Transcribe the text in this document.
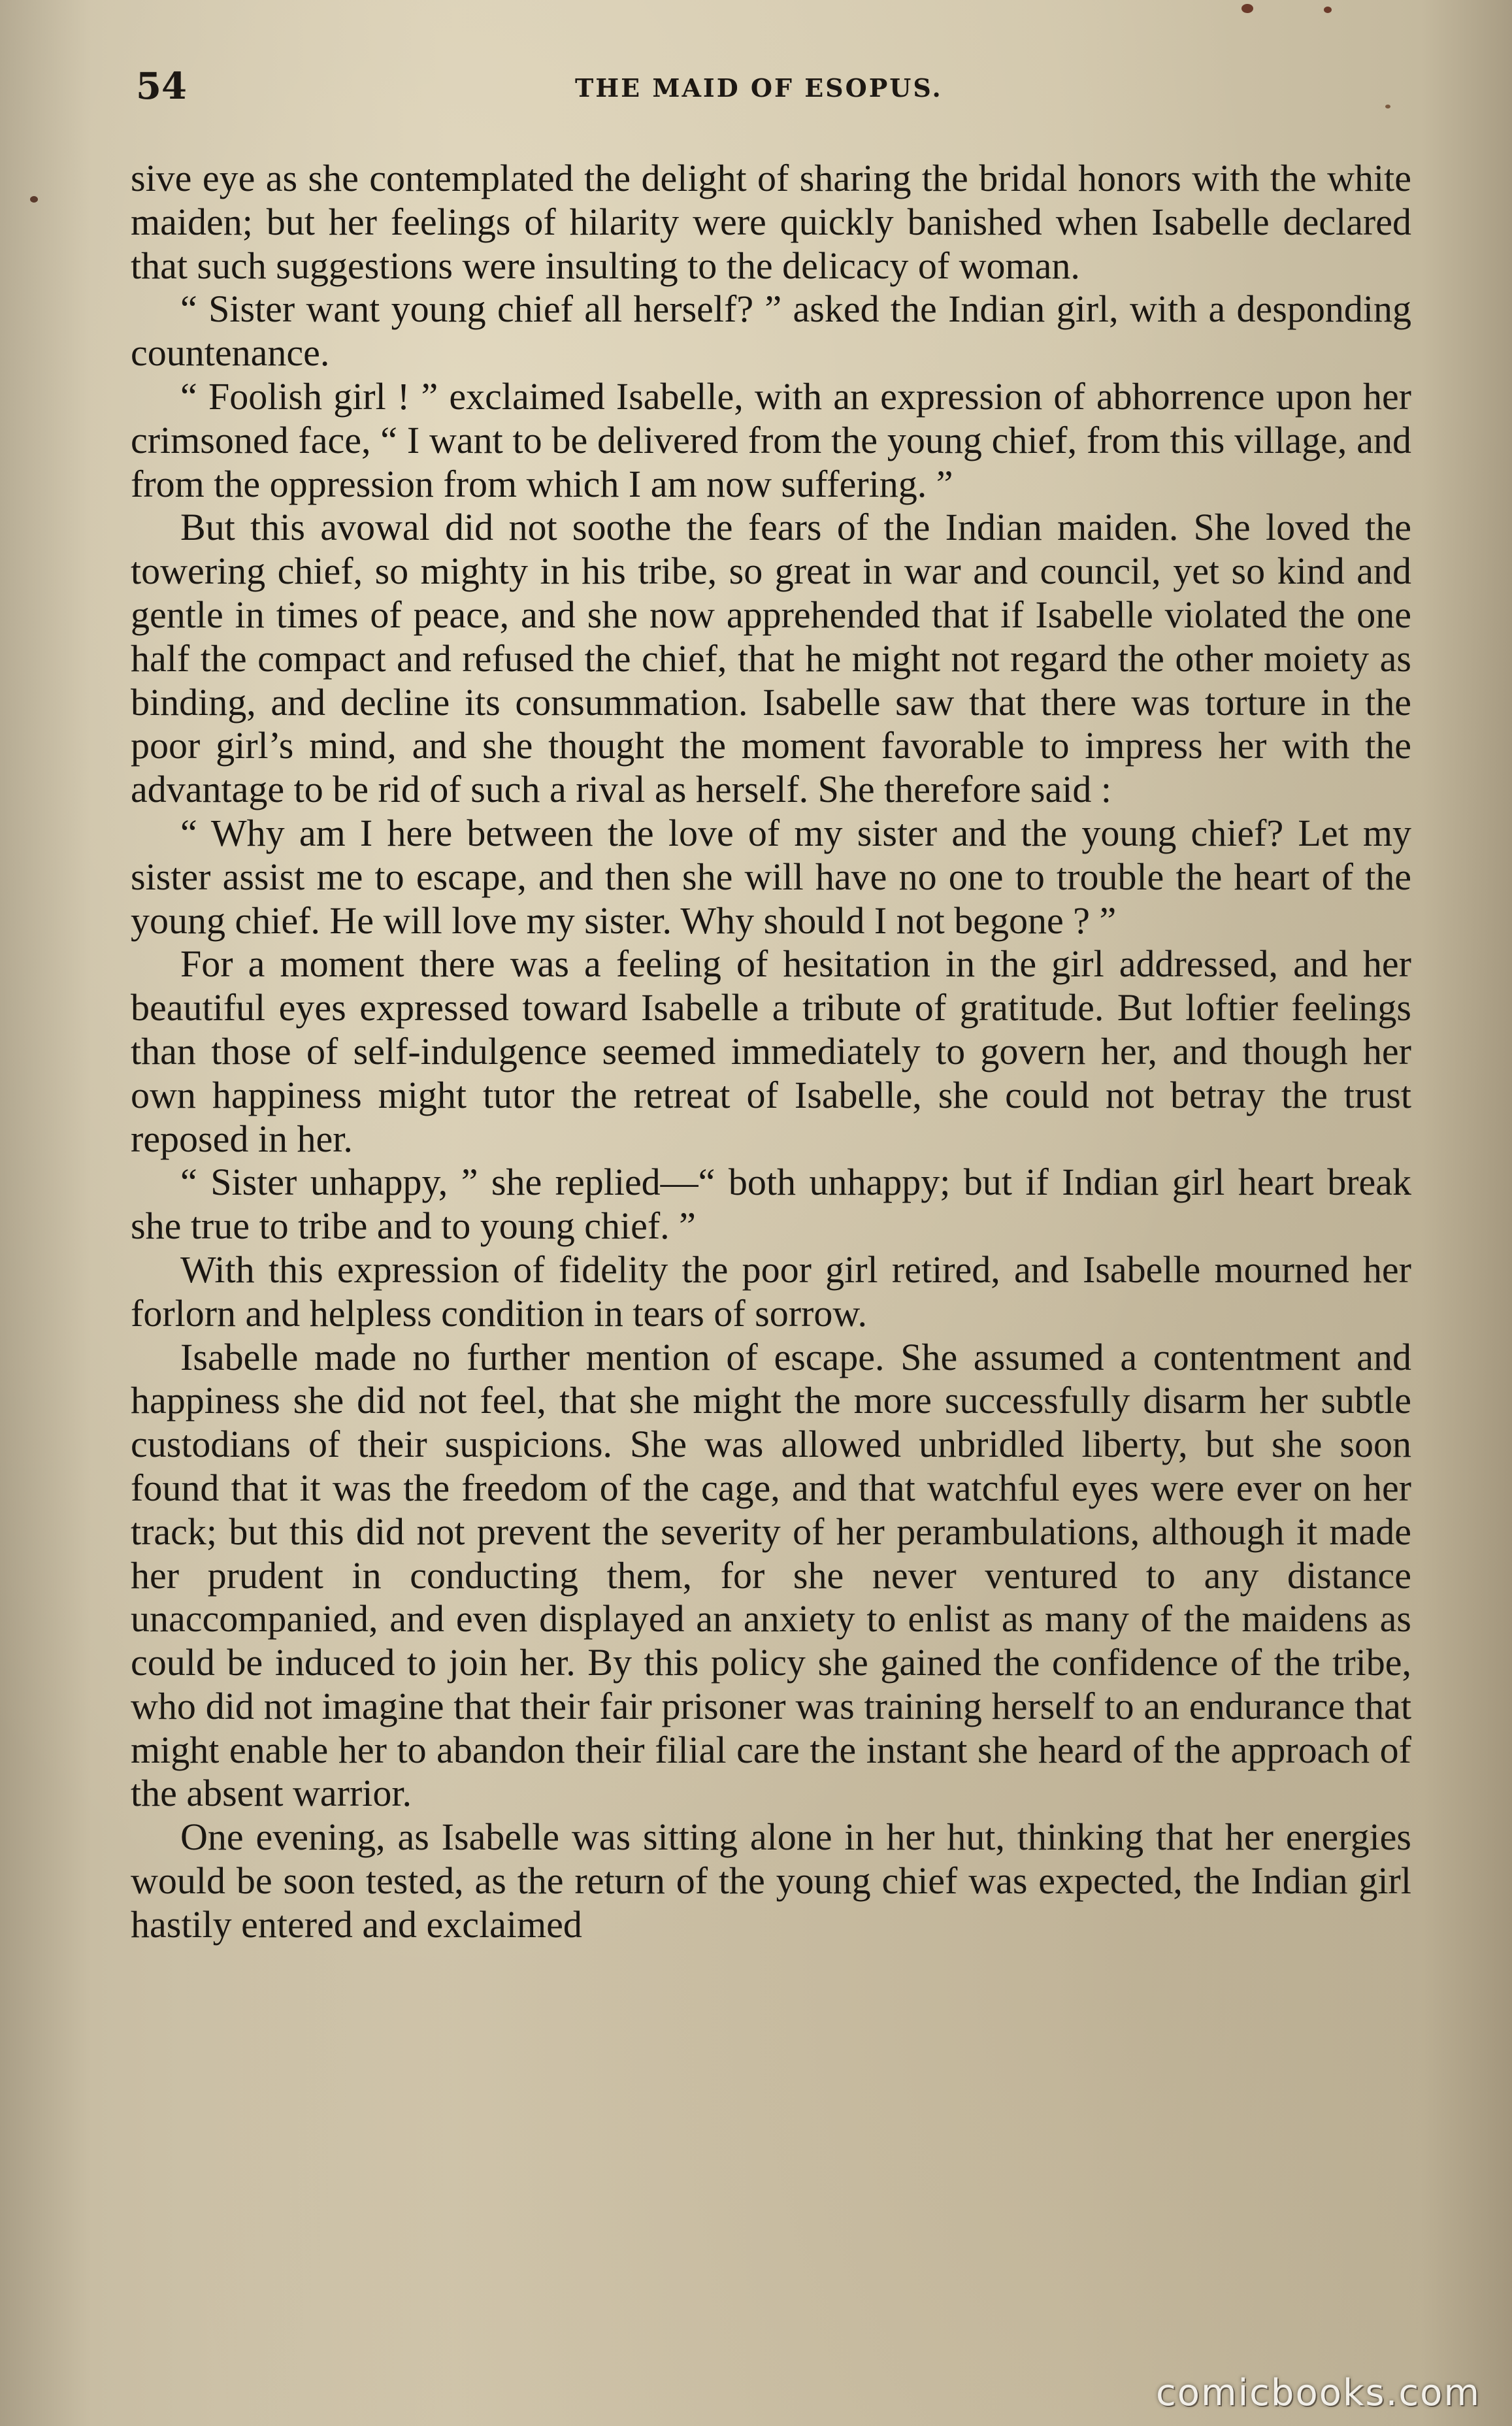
54	THE MAID OF ESOPUS.

sive eye as she contemplated the delight of sharing the bridal honors with the white maiden; but her feelings of hilarity were quickly banished when Isabelle declared that such suggestions were insulting to the delicacy of woman.

“ Sister want young chief all herself? ” asked the Indian girl, with a desponding countenance.

“ Foolish girl ! ” exclaimed Isabelle, with an expression of abhorrence upon her crimsoned face, “ I want to be delivered from the young chief, from this village, and from the oppression from which I am now suffering. ”

But this avowal did not soothe the fears of the Indian maiden. She loved the towering chief, so mighty in his tribe, so great in war and council, yet so kind and gentle in times of peace, and she now apprehended that if Isabelle violated the one half the compact and refused the chief, that he might not regard the other moiety as binding, and decline its consummation. Isabelle saw that there was torture in the poor girl’s mind, and she thought the moment favorable to impress her with the advantage to be rid of such a rival as herself. She therefore said :

“ Why am I here between the love of my sister and the young chief? Let my sister assist me to escape, and then she will have no one to trouble the heart of the young chief. He will love my sister. Why should I not begone ? ”

For a moment there was a feeling of hesitation in the girl addressed, and her beautiful eyes expressed toward Isabelle a tribute of gratitude. But loftier feelings than those of self-indulgence seemed immediately to govern her, and though her own happiness might tutor the retreat of Isabelle, she could not betray the trust reposed in her.

“ Sister unhappy, ” she replied—“ both unhappy; but if Indian girl heart break she true to tribe and to young chief. ”

With this expression of fidelity the poor girl retired, and Isabelle mourned her forlorn and helpless condition in tears of sorrow.

Isabelle made no further mention of escape. She assumed a contentment and happiness she did not feel, that she might the more successfully disarm her subtle custodians of their suspicions. She was allowed unbridled liberty, but she soon found that it was the freedom of the cage, and that watchful eyes were ever on her track; but this did not prevent the severity of her perambulations, although it made her prudent in conducting them, for she never ventured to any distance unaccompanied, and even displayed an anxiety to enlist as many of the maidens as could be induced to join her. By this policy she gained the confidence of the tribe, who did not imagine that their fair prisoner was training herself to an endurance that might enable her to abandon their filial care the instant she heard of the approach of the absent warrior.

One evening, as Isabelle was sitting alone in her hut, thinking that her energies would be soon tested, as the return of the young chief was expected, the Indian girl hastily entered and exclaimed

comicbooks.com
